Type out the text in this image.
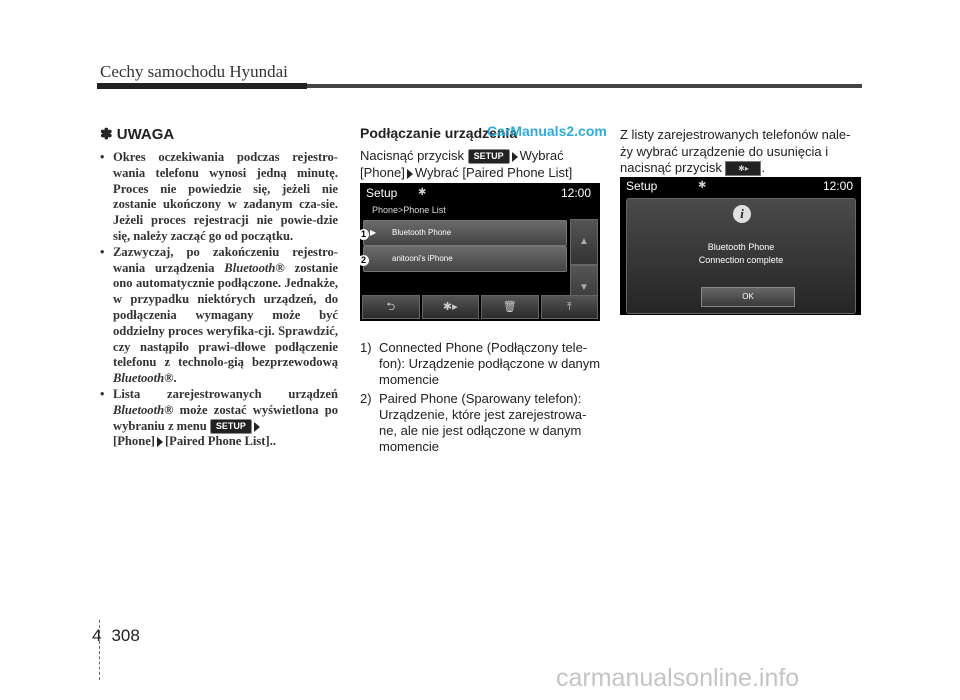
Cechy samochodu Hyundai
✽ UWAGA
• Okres oczekiwania podczas rejestro-wania telefonu wynosi jedną minutę. Proces nie powiedzie się, jeżeli nie zostanie ukończony w zadanym cza-sie. Jeżeli proces rejestracji nie powie-dzie się, należy zacząć go od początku.
• Zazwyczaj, po zakończeniu rejestro-wania urządzenia Bluetooth® zostanie ono automatycznie podłączone. Jednakże, w przypadku niektórych urządzeń, do podłączenia wymagany może być oddzielny proces weryfika-cji. Sprawdzić, czy nastąpiło prawi-dłowe podłączenie telefonu z technolo-gią bezprzewodową Bluetooth®.
• Lista zarejestrowanych urządzeń Bluetooth® może zostać wyświetlona po wybraniu z menu SETUP
[Phone] [Paired Phone List]..
Podłączanie urządzenia
CarManuals2.com
Nacisnąć przycisk SETUP Wybrać [Phone] Wybrać [Paired Phone List]
Setup ✱	12:00
Phone>Phone List
▶ Bluetooth Phone
anitooni's iPhone
▲
▼
1
2
⮌	✱▸	🗑	⤒
1) Connected Phone (Podłączony tele-fon): Urządzenie podłączone w danym momencie
2) Paired Phone (Sparowany telefon): Urządzenie, które jest zarejestrowa-ne, ale nie jest odłączone w danym momencie
Z listy zarejestrowanych telefonów nale-ży wybrać urządzenie do usunięcia i nacisnąć przycisk ✱▸ .
Setup	✱	12:00
i
Bluetooth Phone
Connection complete
OK
4 308
carmanualsonline.info
